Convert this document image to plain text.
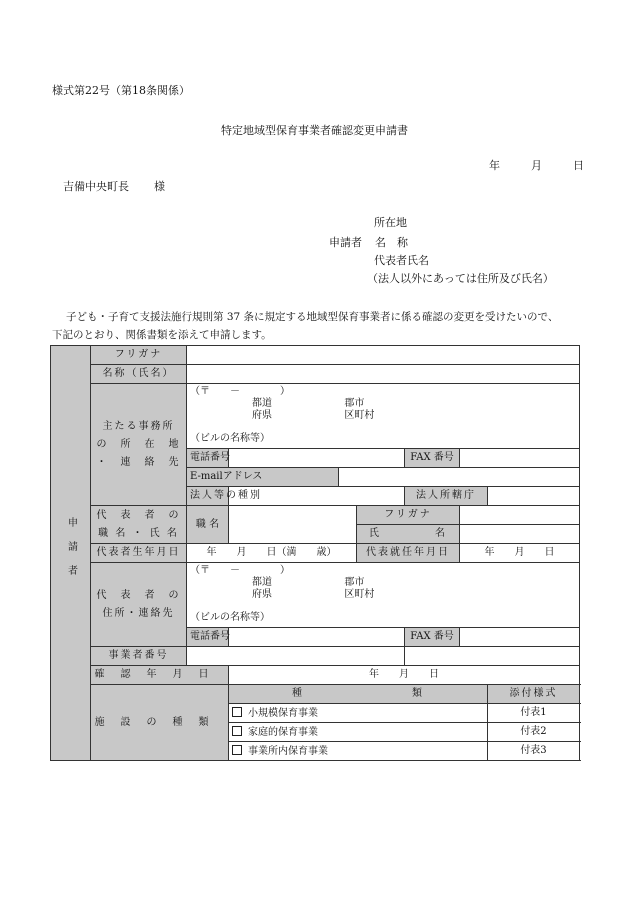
様式第22号（第18条関係）
特定地域型保育事業者確認変更申請書
年	月	日
吉備中央町長 様
所在地
申請者 名　称
代表者氏名
（法人以外にあっては住所及び氏名）
子ども・子育て支援法施行規則第 37 条に規定する地域型保育事業者に係る確認の変更を受けたいので、
下記のとおり、関係書類を添えて申請します。
申請者	フリガナ							
	名称（氏名）							

	主たる事務所
の　所　在　地
・　連　絡　先	（〒　　－　　　　）
都道 郡市
府県 区町村						

		（ビルの名称等）						
		電話番号				FAX 番号		
		E-mailアドレス						
		法人等の種別				法人所轄庁		

	代　表　者　の
職 名 ・ 氏 名	職 名			フリガナ			
					氏 名			
	代表者生年月日	年　　月　　日（満　　歳）			代表就任年月日		年　　月　　日	

	代　表　者　の
住所・連絡先	（〒　　－　　　　）
都道 郡市
府県 区町村						

		（ビルの名称等）						
		電話番号				FAX 番号		
	事業者番号							
	確認年月日		年　　月　　日					
	施設の種類		種　　　　　　　　　類					添付様式
			小規模保育事業					付表1
			家庭的保育事業					付表2
			事業所内保育事業					付表3
